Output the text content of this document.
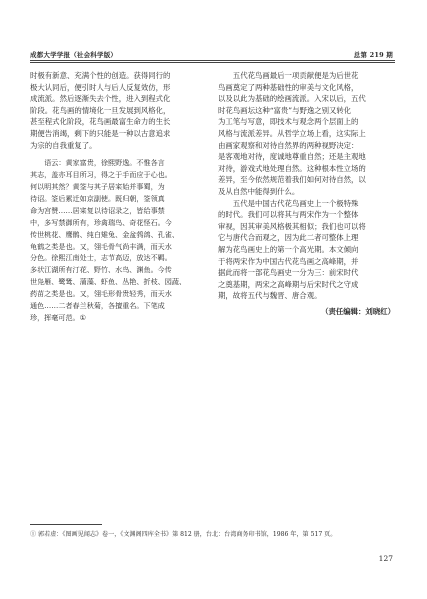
成都大学学报（社会科学版）	总第 219 期

时极有新意、充满个性的创造。获得同行的

极大认同后，便引时人与后人反复效仿，形

成流派。然后逐渐失去个性，进入到程式化

阶段。花鸟画的情境化一旦发展到风格化，

甚至程式化阶段，花鸟画最富生命力的生长

期便告消竭，剩下的只能是一种以古意追求

为宗的自我重复了。

语云：黄家富贵，徐熙野逸。不惟各言

其志，盖亦耳目所习，得之于手而应于心也。

何以明其然？黄筌与其子居宷始并事蜀，为

待诏。筌后累迁如京副使。既归朝，筌领真

命为宫赞……居宷复以待诏录之，皆给事禁

中，多写禁御所有，珍禽瑞鸟、奇花怪石。今

传世桃花、鹰鹘、纯白雉兔、金盆鹁鸽、孔雀、

龟鹤之类是也。又，翎毛骨气尚丰满，而天水

分色。徐熙江南处士，志节高迈，放达不羁。

多状江湖所有汀花、野竹、水鸟、渊鱼。今传

世凫雁、鹭鸶、蒲藻、虾鱼、丛艳、折枝、园蔬、

药苗之类是也。又，翎毛形骨贵轻秀，而天水

通色……二者春兰秋菊，各擅重名。下笔成

珍，挥毫可范。①

五代花鸟画最后一项贡献便是为后世花

鸟画奠定了两种基础性的审美与文化风格，

以及以此为基础的绘画流派。入宋以后，五代

时花鸟画坛这种“富贵”与野逸之别又转化

为工笔与写意，即技术与观念两个层面上的

风格与流派差异。从哲学立场上看，这实际上

由画家观察和对待自然界的两种视野决定：

是客观地对待，度诚地尊重自然；还是主观地

对待，游戏式地处理自然。这种根本性立场的

差异，至今依然规范着我们如何对待自然，以

及从自然中能得到什么。

五代是中国古代花鸟画史上一个极特殊

的时代。我们可以将其与两宋作为一个整体

审视，因其审美风格极其相似；我们也可以将

它与唐代合而观之，因为此二者可整体上理

解为花鸟画史上的第一个高光期。本文倾向

于将两宋作为中国古代花鸟画之高峰期，并

据此而将一部花鸟画史一分为三：前宋时代

之奠基期，两宋之高峰期与后宋时代之守成

期，故将五代与魏晋、唐合观。

（责任编辑：刘晓红）

① 郭若虚：《图画见闻志》卷一，《文渊阁四库全书》第 812 册，台北：台湾商务印书馆，1986 年，第 517 页。
127
